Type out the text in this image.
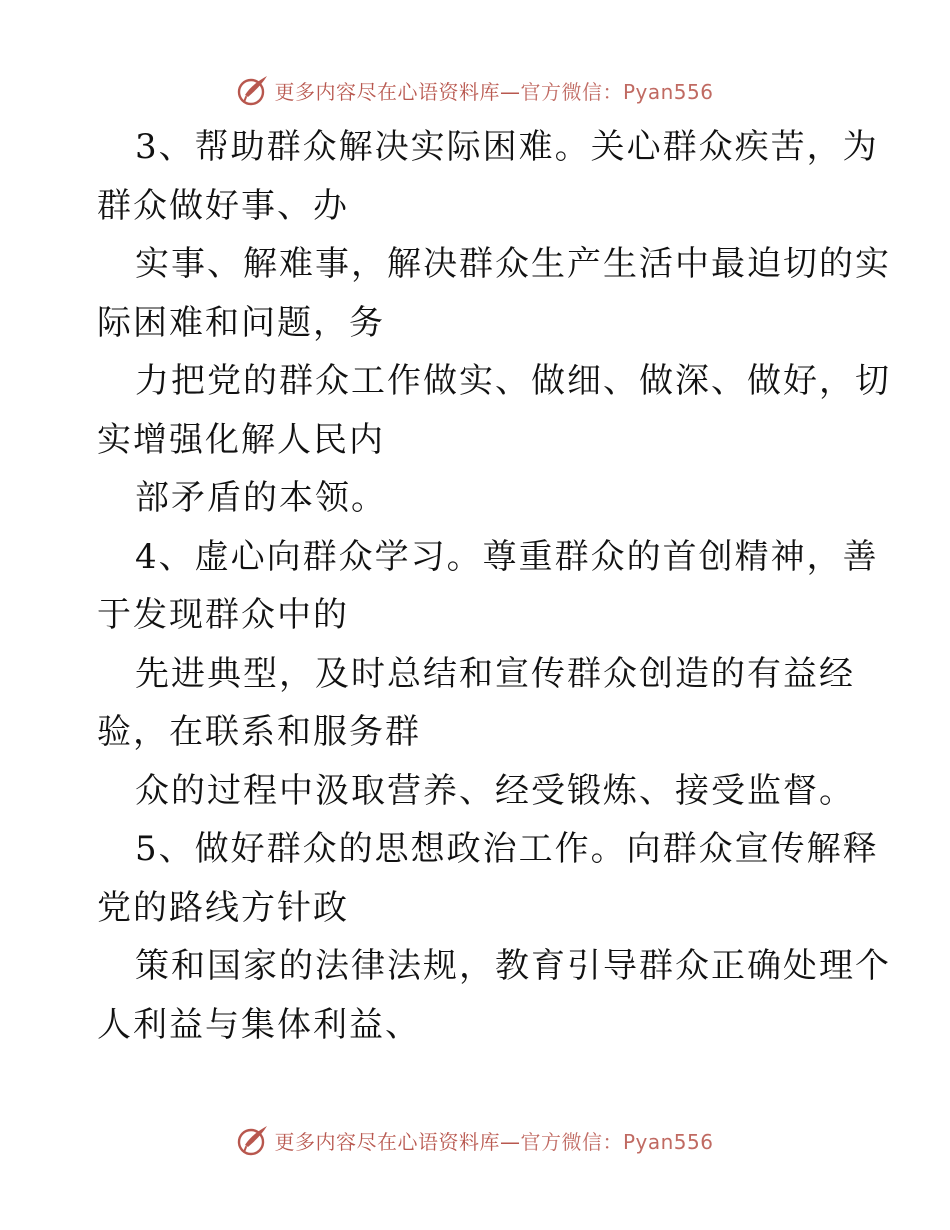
更多内容尽在心语资料库—官方微信：Pyan556
3、帮助群众解决实际困难。关心群众疾苦，为
群众做好事、办
实事、解难事，解决群众生产生活中最迫切的实
际困难和问题，务
力把党的群众工作做实、做细、做深、做好，切
实增强化解人民内
部矛盾的本领。
4、虚心向群众学习。尊重群众的首创精神，善
于发现群众中的
先进典型，及时总结和宣传群众创造的有益经
验，在联系和服务群
众的过程中汲取营养、经受锻炼、接受监督。
5、做好群众的思想政治工作。向群众宣传解释
党的路线方针政
策和国家的法律法规，教育引导群众正确处理个
人利益与集体利益、
更多内容尽在心语资料库—官方微信：Pyan556
